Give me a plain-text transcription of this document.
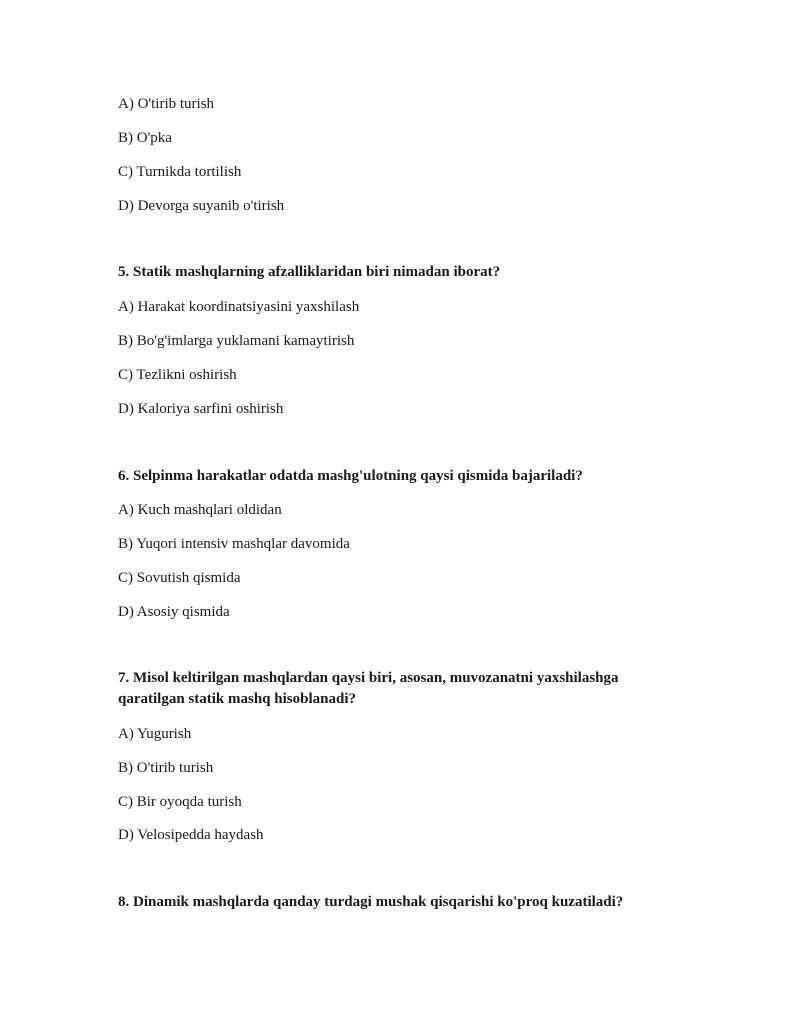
A) O'tirib turish
B) O'pka
C) Turnikda tortilish
D) Devorga suyanib o'tirish
5. Statik mashqlarning afzalliklaridan biri nimadan iborat?
A) Harakat koordinatsiyasini yaxshilash
B) Bo'g'imlarga yuklamani kamaytirish
C) Tezlikni oshirish
D) Kaloriya sarfini oshirish
6. Selpinma harakatlar odatda mashg'ulotning qaysi qismida bajariladi?
A) Kuch mashqlari oldidan
B) Yuqori intensiv mashqlar davomida
C) Sovutish qismida
D) Asosiy qismida
7. Misol keltirilgan mashqlardan qaysi biri, asosan, muvozanatni yaxshilashga
qaratilgan statik mashq hisoblanadi?
A) Yugurish
B) O'tirib turish
C) Bir oyoqda turish
D) Velosipedda haydash
8. Dinamik mashqlarda qanday turdagi mushak qisqarishi ko'proq kuzatiladi?
